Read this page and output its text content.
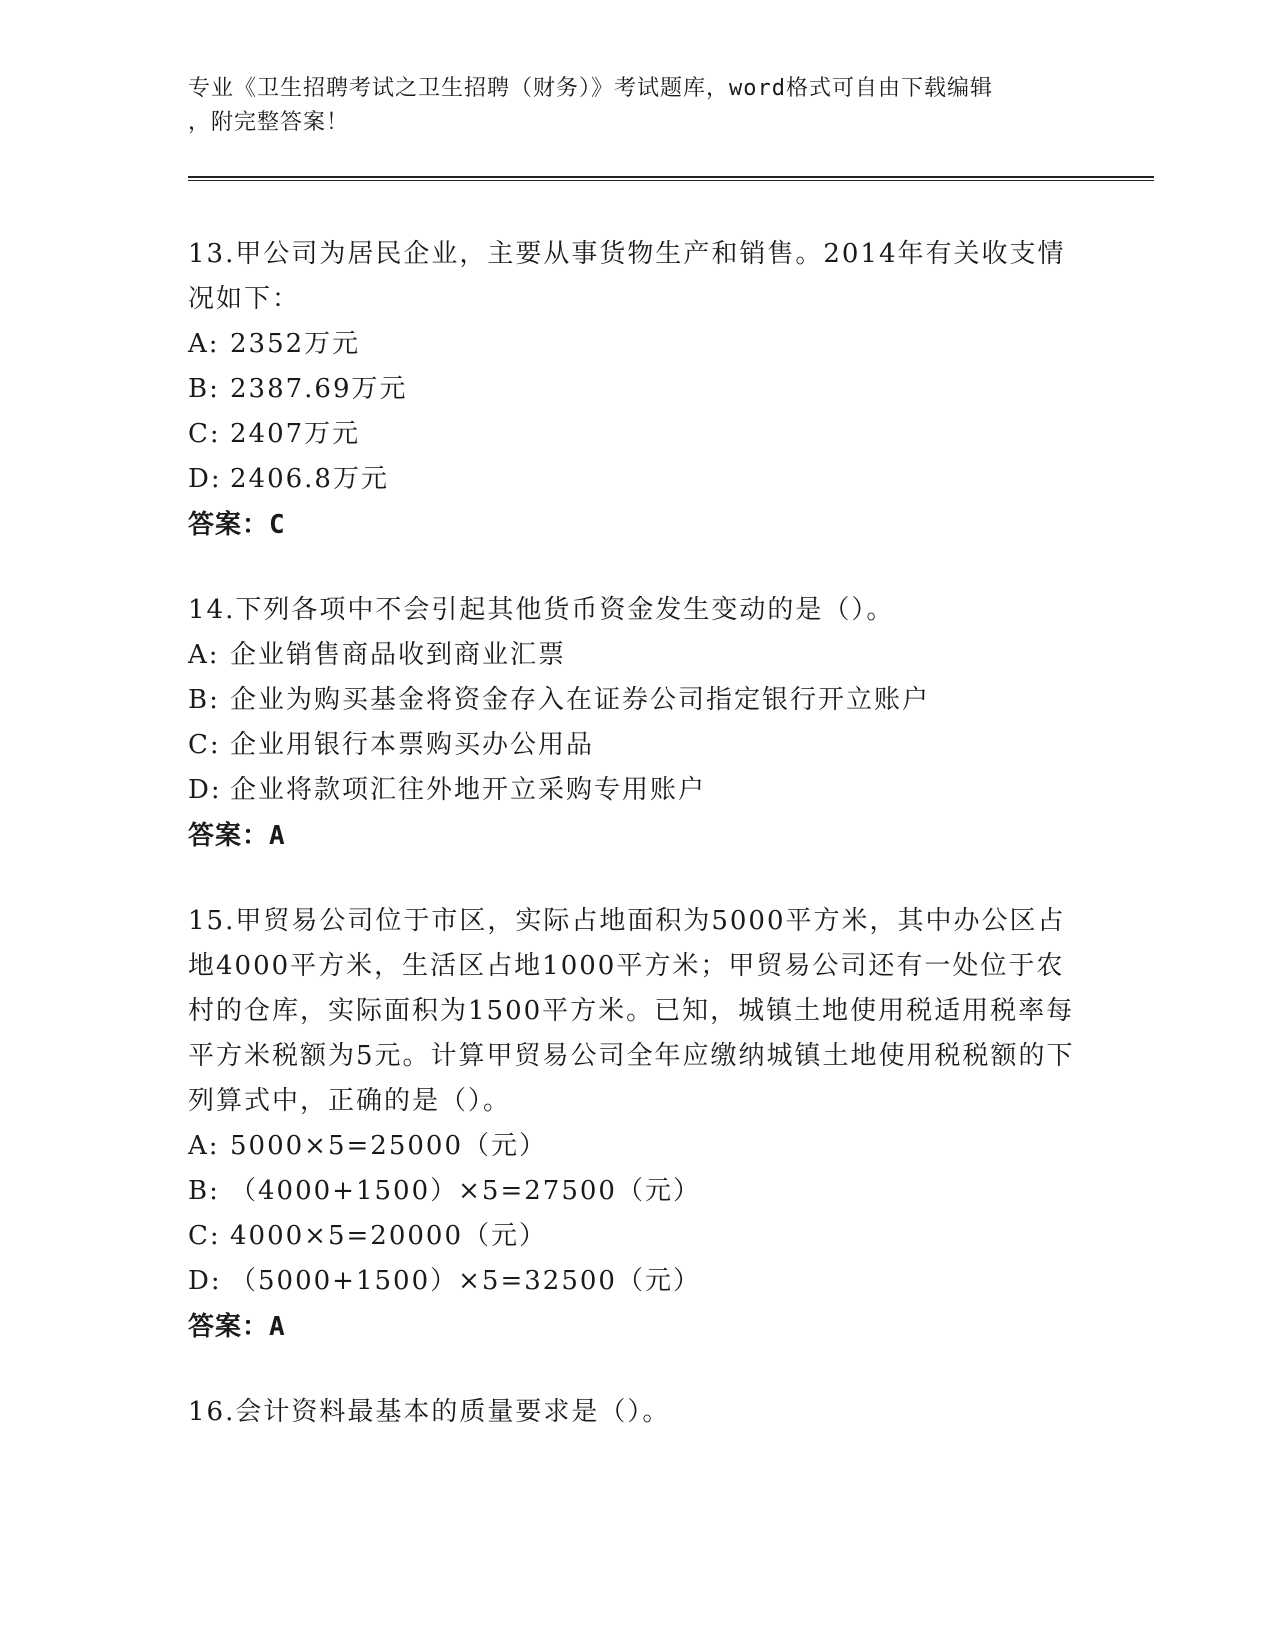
专业《卫生招聘考试之卫生招聘（财务）》考试题库，word格式可自由下载编辑
，附完整答案！

13.甲公司为居民企业，主要从事货物生产和销售。2014年有关收支情况如下：

A: 2352万元
B: 2387.69万元
C: 2407万元
D: 2406.8万元

答案：C

14.下列各项中不会引起其他货币资金发生变动的是（）。

A: 企业销售商品收到商业汇票
B: 企业为购买基金将资金存入在证券公司指定银行开立账户
C: 企业用银行本票购买办公用品
D: 企业将款项汇往外地开立采购专用账户

答案：A

15.甲贸易公司位于市区，实际占地面积为5000平方米，其中办公区占地4000平方米，生活区占地1000平方米；甲贸易公司还有一处位于农村的仓库，实际面积为1500平方米。已知，城镇土地使用税适用税率每平方米税额为5元。计算甲贸易公司全年应缴纳城镇土地使用税税额的下列算式中，正确的是（）。

A: 5000×5=25000（元）
B: （4000+1500）×5=27500（元）
C: 4000×5=20000（元）
D: （5000+1500）×5=32500（元）

答案：A

16.会计资料最基本的质量要求是（）。
